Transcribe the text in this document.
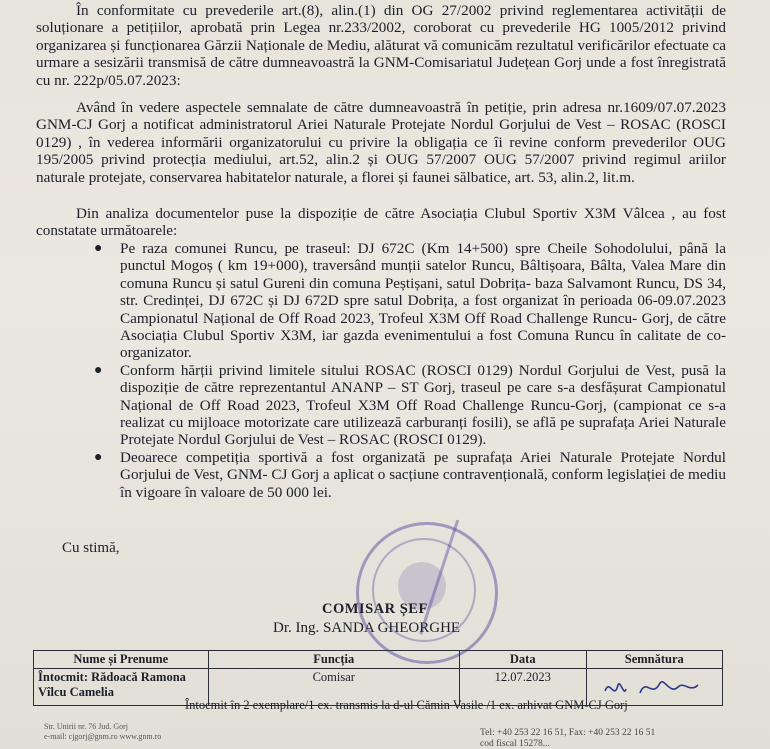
În conformitate cu prevederile art.(8), alin.(1) din OG 27/2002 privind reglementarea activității de soluționare a petițiilor, aprobată prin Legea nr.233/2002, coroborat cu prevederile HG 1005/2012 privind organizarea și funcționarea Gărzii Naționale de Mediu, alăturat vă comunicăm rezultatul verificărilor efectuate ca urmare a sesizării transmisă de către dumneavoastră la GNM-Comisariatul Județean Gorj unde a fost înregistrată cu nr. 222p/05.07.2023:
Având în vedere aspectele semnalate de către dumneavoastră în petiție, prin adresa nr.1609/07.07.2023 GNM-CJ Gorj a notificat administratorul Ariei Naturale Protejate Nordul Gorjului de Vest – ROSAC (ROSCI 0129) , în vederea informării organizatorului cu privire la obligația ce îi revine conform prevederilor OUG 195/2005 privind protecția mediului, art.52, alin.2 și OUG 57/2007 OUG 57/2007 privind regimul ariilor naturale protejate, conservarea habitatelor naturale, a florei și faunei sălbatice, art. 53, alin.2, lit.m.
Din analiza documentelor puse la dispoziție de către Asociația Clubul Sportiv X3M Vâlcea , au fost constatate următoarele:
● Pe raza comunei Runcu, pe traseul: DJ 672C (Km 14+500) spre Cheile Sohodolului, până la punctul Mogoș ( km 19+000), traversând munții satelor Runcu, Bâltișoara, Bâlta, Valea Mare din comuna Runcu și satul Gureni din comuna Peștișani, satul Dobrița- baza Salvamont Runcu, DS 34, str. Credinței, DJ 672C și DJ 672D spre satul Dobrița, a fost organizat în perioada 06-09.07.2023 Campionatul Național de Off Road 2023, Trofeul X3M Off Road Challenge Runcu- Gorj, de către Asociația Clubul Sportiv X3M, iar gazda evenimentului a fost Comuna Runcu în calitate de co-organizator.
● Conform hărții privind limitele sitului ROSAC (ROSCI 0129) Nordul Gorjului de Vest, pusă la dispoziție de către reprezentantul ANANP – ST Gorj, traseul pe care s-a desfășurat Campionatul Național de Off Road 2023, Trofeul X3M Off Road Challenge Runcu-Gorj, (campionat ce s-a realizat cu mijloace motorizate care utilizează carburanți fosili), se află pe suprafața Ariei Naturale Protejate Nordul Gorjului de Vest – ROSAC (ROSCI 0129).
● Deoarece competiția sportivă a fost organizată pe suprafața Ariei Naturale Protejate Nordul Gorjului de Vest, GNM- CJ Gorj a aplicat o sacțiune contravențională, conform legislației de mediu în vigoare în valoare de 50 000 lei.
Cu stimă,
COMISAR ȘEF
Dr. Ing. SANDA GHEORGHE
Nume și Prenume	Funcția	Data	Semnătura
Întocmit: Rădoacă Ramona Vîlcu Camelia	Comisar	12.07.2023	
Întocmit în 2 exemplare/1 ex. transmis la d-ul Cămin Vasile /1 ex. arhivat GNM-CJ Gorj
Str. Unirii nr. 76 Jud. Gorj
e-mail: cjgorj@gnm.ro www.gnm.ro	Tel: +40 253 22 16 51, Fax: +40 253 22 16 51
cod fiscal 15278...
